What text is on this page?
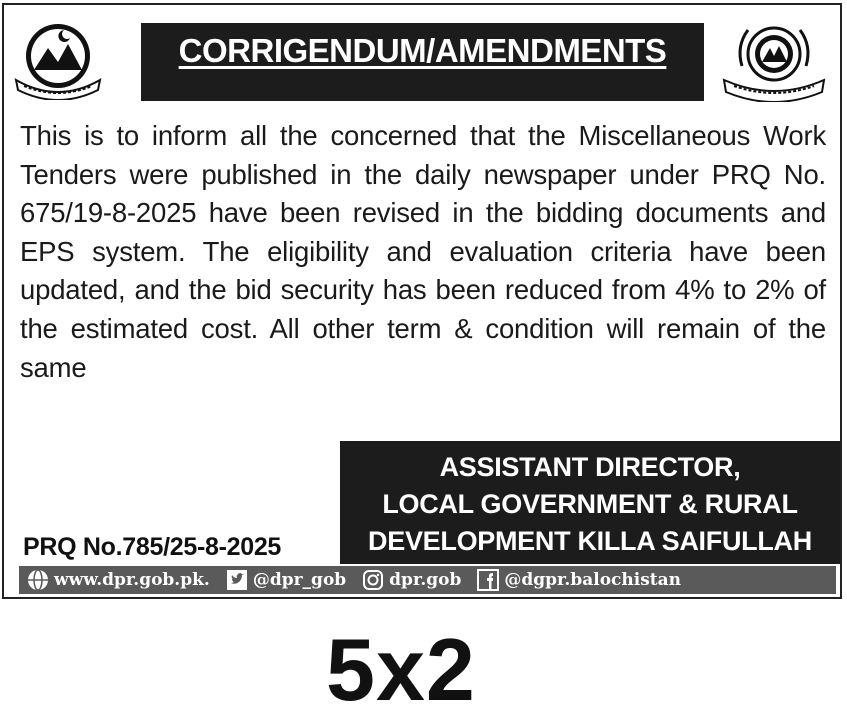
CORRIGENDUM/AMENDMENTS
This is to inform all the concerned that the Miscellaneous Work Tenders were published in the daily newspaper under PRQ No. 675/19-8-2025 have been revised in the bidding documents and EPS system. The eligibility and evaluation criteria have been updated, and the bid security has been reduced from 4% to 2% of the estimated cost. All other term & condition will remain of the same
ASSISTANT DIRECTOR,
LOCAL GOVERNMENT & RURAL
DEVELOPMENT KILLA SAIFULLAH
PRQ No.785/25-8-2025
www.dpr.gob.pk.	@dpr_gob	dpr.gob	@dgpr.balochistan
5x2
